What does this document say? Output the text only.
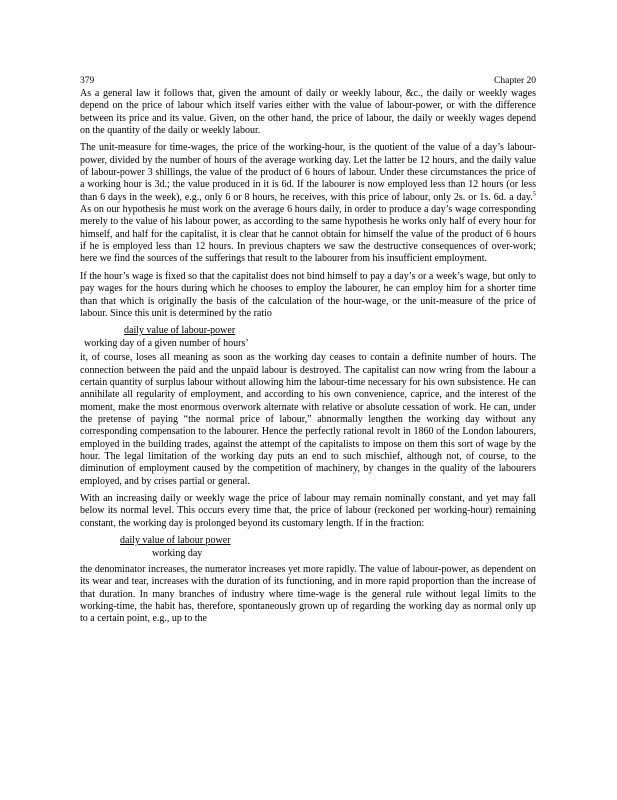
379	Chapter 20

As a general law it follows that, given the amount of daily or weekly labour, &c., the daily or weekly wages depend on the price of labour which itself varies either with the value of labour-power, or with the difference between its price and its value. Given, on the other hand, the price of labour, the daily or weekly wages depend on the quantity of the daily or weekly labour.

The unit-measure for time-wages, the price of the working-hour, is the quotient of the value of a day’s labour-power, divided by the number of hours of the average working day. Let the latter be 12 hours, and the daily value of labour-power 3 shillings, the value of the product of 6 hours of labour. Under these circumstances the price of a working hour is 3d.; the value produced in it is 6d. If the labourer is now employed less than 12 hours (or less than 6 days in the week), e.g., only 6 or 8 hours, he receives, with this price of labour, only 2s. or 1s. 6d. a day.$^5$ As on our hypothesis he must work on the average 6 hours daily, in order to produce a day’s wage corresponding merely to the value of his labour power, as according to the same hypothesis he works only half of every hour for himself, and half for the capitalist, it is clear that he cannot obtain for himself the value of the product of 6 hours if he is employed less than 12 hours. In previous chapters we saw the destructive consequences of over-work; here we find the sources of the sufferings that result to the labourer from his insufficient employment.

If the hour’s wage is fixed so that the capitalist does not bind himself to pay a day’s or a week’s wage, but only to pay wages for the hours during which he chooses to employ the labourer, he can employ him for a shorter time than that which is originally the basis of the calculation of the hour-wage, or the unit-measure of the price of labour. Since this unit is determined by the ratio

daily value of labour-power
working day of a given number of hours’

it, of course, loses all meaning as soon as the working day ceases to contain a definite number of hours. The connection between the paid and the unpaid labour is destroyed. The capitalist can now wring from the labour a certain quantity of surplus labour without allowing him the labour-time necessary for his own subsistence. He can annihilate all regularity of employment, and according to his own convenience, caprice, and the interest of the moment, make the most enormous overwork alternate with relative or absolute cessation of work. He can, under the pretense of paying “the normal price of labour,” abnormally lengthen the working day without any corresponding compensation to the labourer. Hence the perfectly rational revolt in 1860 of the London labourers, employed in the building trades, against the attempt of the capitalists to impose on them this sort of wage by the hour. The legal limitation of the working day puts an end to such mischief, although not, of course, to the diminution of employment caused by the competition of machinery, by changes in the quality of the labourers employed, and by crises partial or general.

With an increasing daily or weekly wage the price of labour may remain nominally constant, and yet may fall below its normal level. This occurs every time that, the price of labour (reckoned per working-hour) remaining constant, the working day is prolonged beyond its customary length. If in the fraction:

daily value of labour power
working day

the denominator increases, the numerator increases yet more rapidly. The value of labour-power, as dependent on its wear and tear, increases with the duration of its functioning, and in more rapid proportion than the increase of that duration. In many branches of industry where time-wage is the general rule without legal limits to the working-time, the habit has, therefore, spontaneously grown up of regarding the working day as normal only up to a certain point, e.g., up to the
